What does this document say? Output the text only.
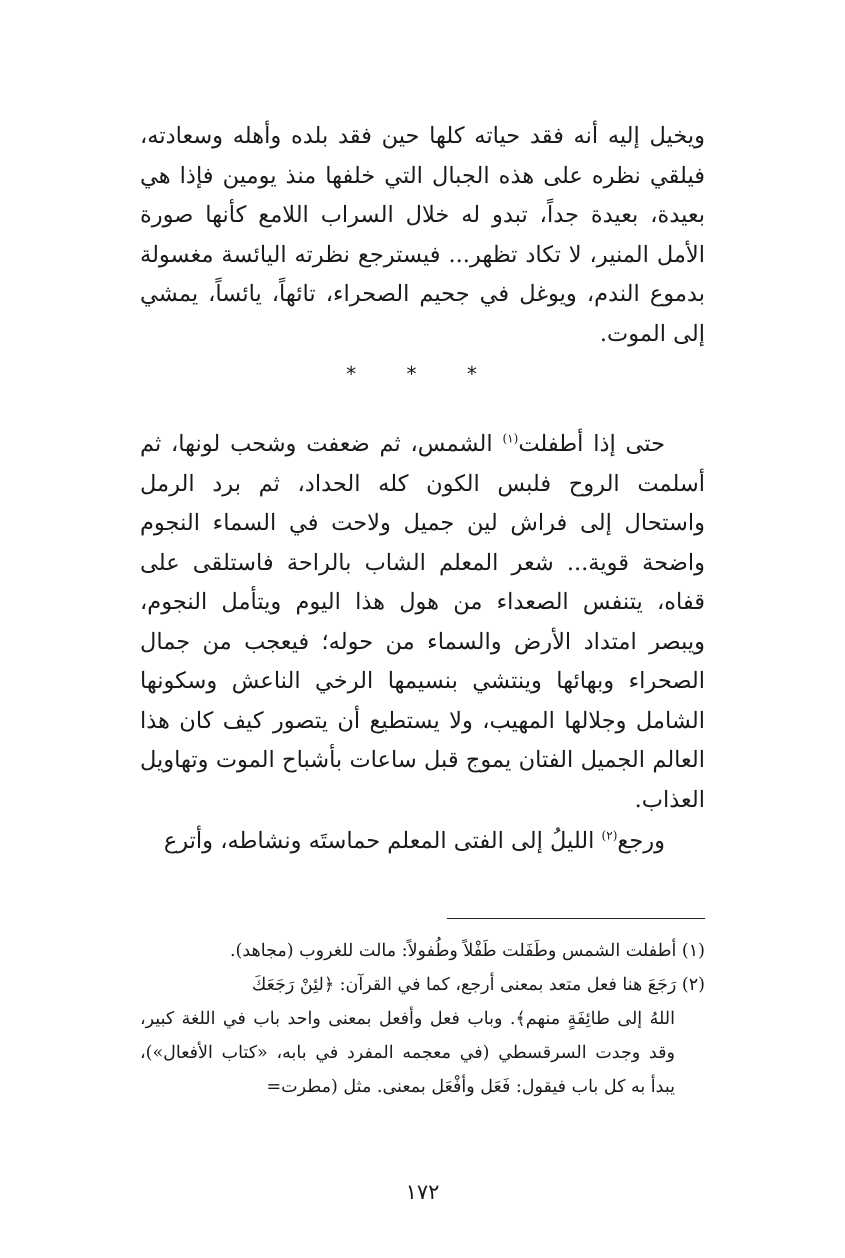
ويخيل إليه أنه فقد حياته كلها حين فقد بلده وأهله وسعادته، فيلقي نظره على هذه الجبال التي خلفها منذ يومين فإذا هي بعيدة، بعيدة جداً، تبدو له خلال السراب اللامع كأنها صورة الأمل المنير، لا تكاد تظهر... فيسترجع نظرته اليائسة مغسولة بدموع الندم، ويوغل في جحيم الصحراء، تائهاً، يائساً، يمشي إلى الموت.

* * *

حتى إذا أطفلت$^{(١)}$ الشمس، ثم ضعفت وشحب لونها، ثم أسلمت الروح فلبس الكون كله الحداد، ثم برد الرمل واستحال إلى فراش لين جميل ولاحت في السماء النجوم واضحة قوية... شعر المعلم الشاب بالراحة فاستلقى على قفاه، يتنفس الصعداء من هول هذا اليوم ويتأمل النجوم، ويبصر امتداد الأرض والسماء من حوله؛ فيعجب من جمال الصحراء وبهائها وينتشي بنسيمها الرخي الناعش وسكونها الشامل وجلالها المهيب، ولا يستطيع أن يتصور كيف كان هذا العالم الجميل الفتان يموج قبل ساعات بأشباح الموت وتهاويل العذاب.

ورجع$^{(٢)}$ الليلُ إلى الفتى المعلم حماستَه ونشاطه، وأترع

(١) أطفلت الشمس وطَفَلت طَفْلاً وطُفولاً: مالت للغروب (مجاهد).

(٢) رَجَعَ هنا فعل متعد بمعنى أرجع، كما في القرآن: ﴿لئِنْ رَجَعَكَ

اللهُ إلى طائِفَةٍ منهم﴾. وباب فعل وأفعل بمعنى واحد باب في اللغة كبير، وقد وجدت السرقسطي (في معجمه المفرد في بابه، «كتاب الأفعال»)، يبدأ به كل باب فيقول: فَعَل وأفْعَل بمعنى. مثل (مطرت=

١٧٢
